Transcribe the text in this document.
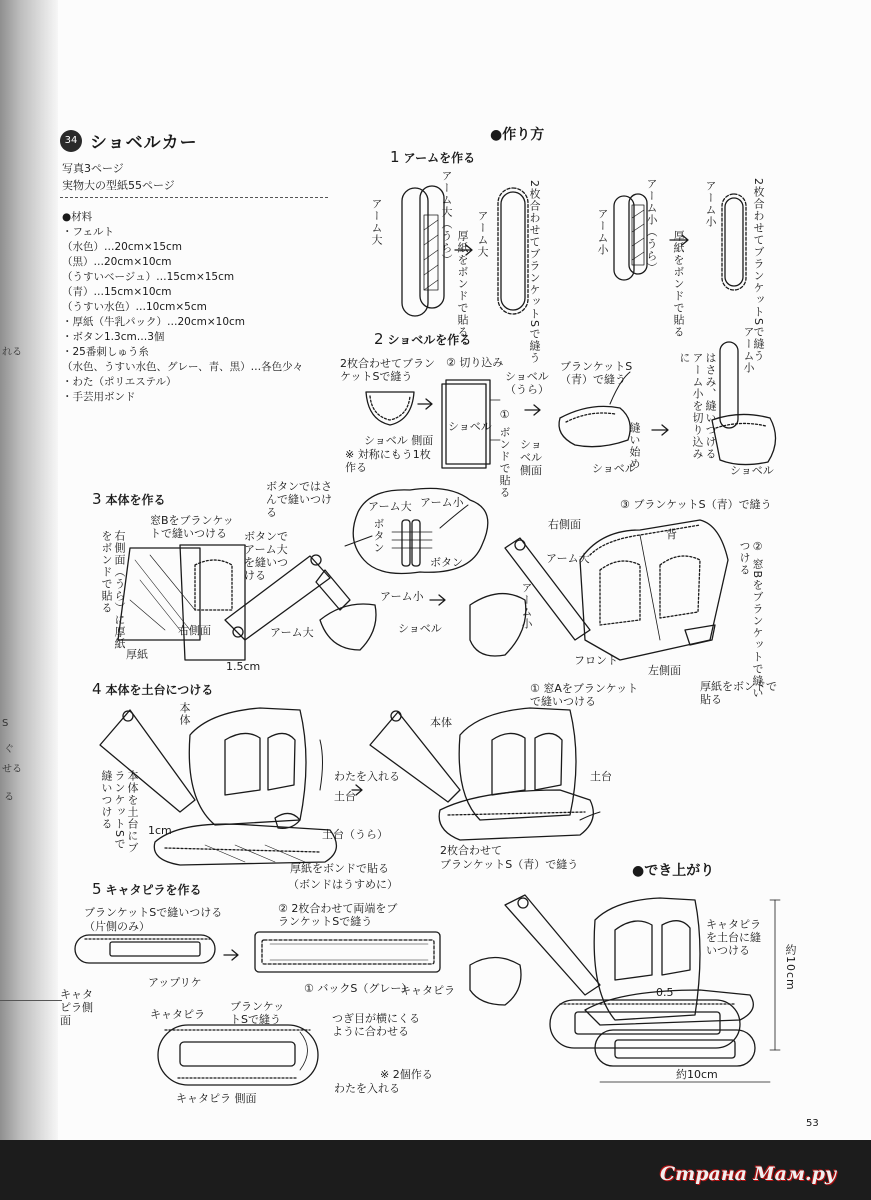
れる
S
ぐ
せる
る
34 ショベルカー
写真3ページ
実物大の型紙55ページ
●材料
・フェルト
（水色）…20cm×15cm
（黒）…20cm×10cm
（うすいベージュ）…15cm×15cm
（青）…15cm×10cm
（うすい水色）…10cm×5cm
・厚紙（牛乳パック）…20cm×10cm
・ボタン1.3cm…3個
・25番刺しゅう糸
（水色、うすい水色、グレー、青、黒）…各色少々
・わた（ポリエステル）
・手芸用ボンド
●作り方
1 アームを作る
アーム大	アーム大（うら） アーム大
厚紙をボンドで貼る	2枚合わせてブランケットSで縫う	アーム小	アーム小（うら）	アーム小
厚紙をボンドで貼る	2枚合わせてブランケットSで縫う
2 ショベルを作る
2枚合わせてブランケットSで縫う
ショベル 側面
※ 対称にもう1枚作る
② 切り込み
ショベル（うら）
ショベル ① ボンドで貼る
ブランケットS（青）で縫う
縫い始め
ショベル 側面	ショベル
アーム小
はさみ、縫いつけるアーム小を切り込みに
ショベル
3 本体を作る
窓Bをブランケットで縫いつける
右側面（うら）に厚紙をボンドで貼る
右側面
厚紙
1.5cm
ボタンでアーム大を縫いつける
アーム大
ボタンではさんで縫いつける	アーム大 アーム小
ボタン
ボタン
アーム小
ショベル
③ ブランケットS（青）で縫う
右側面
背
アーム大
アーム小	② 窓Bをブランケットで縫いつける
フロント
左側面
① 窓Aをブランケットで縫いつける
厚紙をボンドで貼る
4 本体を土台につける
本体
本体を土台にブランケットSで縫いつける
1cm
わたを入れる
土台
土台（うら）
厚紙をボンドで貼る
（ボンドはうすめに）
本体
土台
2枚合わせて
ブランケットS（青）で縫う
5 キャタピラを作る
ブランケットSで縫いつける
（片側のみ）
アップリケ
キャタピラ側面
② 2枚合わせて両端をブランケットSで縫う
① バックS（グレー）
キャタピラ
キャタピラ
ブランケットSで縫う	つぎ目が横にくるように合わせる
わたを入れる
キャタピラ 側面
※ 2個作る
●でき上がり
キャタピラを土台に縫いつける	約10cm
約10cm
0.5
53
Страна Мам.ру
